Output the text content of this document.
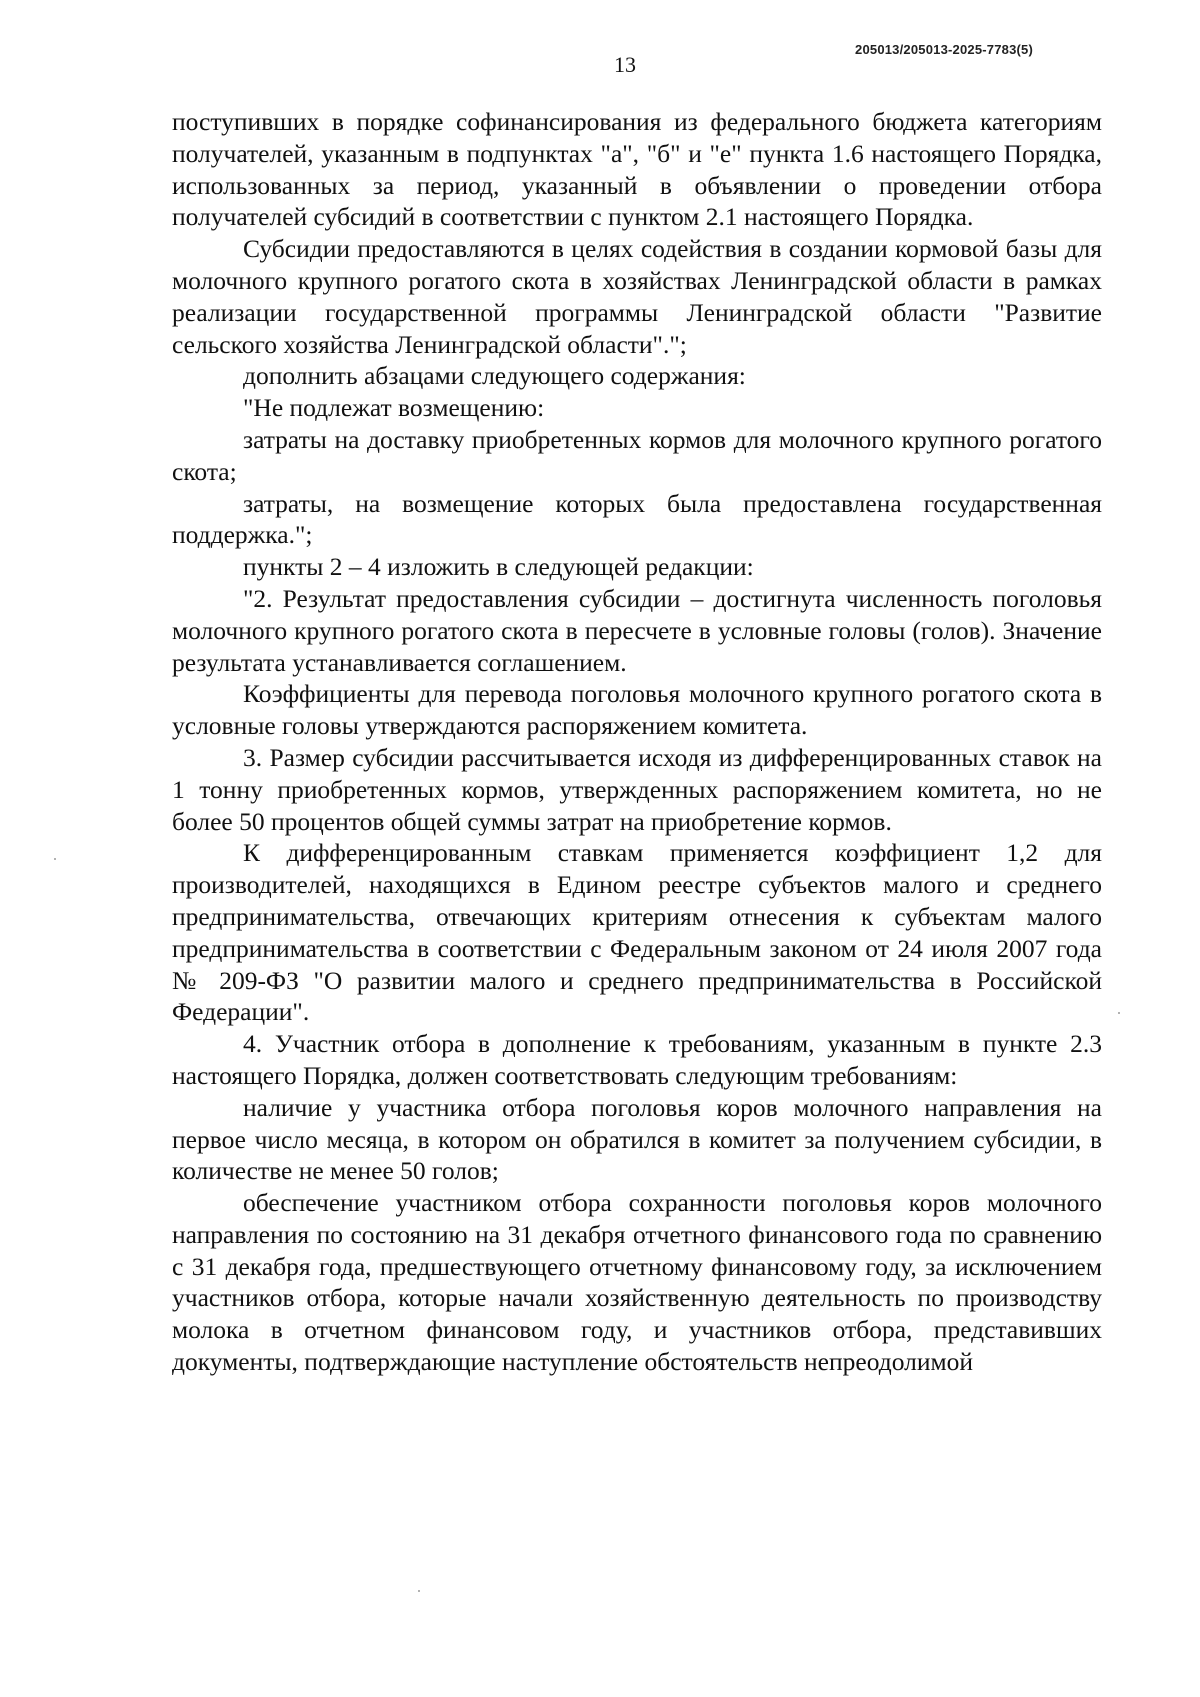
205013/205013-2025-7783(5)
13

поступивших в порядке софинансирования из федерального бюджета категориям получателей, указанным в подпунктах "а", "б" и "е" пункта 1.6 настоящего Порядка, использованных за период, указанный в объявлении о проведении отбора получателей субсидий в соответствии с пунктом 2.1 настоящего Порядка.

Субсидии предоставляются в целях содействия в создании кормовой базы для молочного крупного рогатого скота в хозяйствах Ленинградской области в рамках реализации государственной программы Ленинградской области "Развитие сельского хозяйства Ленинградской области".";

дополнить абзацами следующего содержания:

"Не подлежат возмещению:

затраты на доставку приобретенных кормов для молочного крупного рогатого скота;

затраты, на возмещение которых была предоставлена государственная поддержка.";

пункты 2 – 4 изложить в следующей редакции:

"2. Результат предоставления субсидии – достигнута численность поголовья молочного крупного рогатого скота в пересчете в условные головы (голов). Значение результата устанавливается соглашением.

Коэффициенты для перевода поголовья молочного крупного рогатого скота в условные головы утверждаются распоряжением комитета.

3. Размер субсидии рассчитывается исходя из дифференцированных ставок на 1 тонну приобретенных кормов, утвержденных распоряжением комитета, но не более 50 процентов общей суммы затрат на приобретение кормов.

К дифференцированным ставкам применяется коэффициент 1,2 для производителей, находящихся в Едином реестре субъектов малого и среднего предпринимательства, отвечающих критериям отнесения к субъектам малого предпринимательства в соответствии с Федеральным законом от 24 июля 2007 года № 209-ФЗ "О развитии малого и среднего предпринимательства в Российской Федерации".

4. Участник отбора в дополнение к требованиям, указанным в пункте 2.3 настоящего Порядка, должен соответствовать следующим требованиям:

наличие у участника отбора поголовья коров молочного направления на первое число месяца, в котором он обратился в комитет за получением субсидии, в количестве не менее 50 голов;

обеспечение участником отбора сохранности поголовья коров молочного направления по состоянию на 31 декабря отчетного финансового года по сравнению с 31 декабря года, предшествующего отчетному финансовому году, за исключением участников отбора, которые начали хозяйственную деятельность по производству молока в отчетном финансовом году, и участников отбора, представивших документы, подтверждающие наступление обстоятельств непреодолимой
